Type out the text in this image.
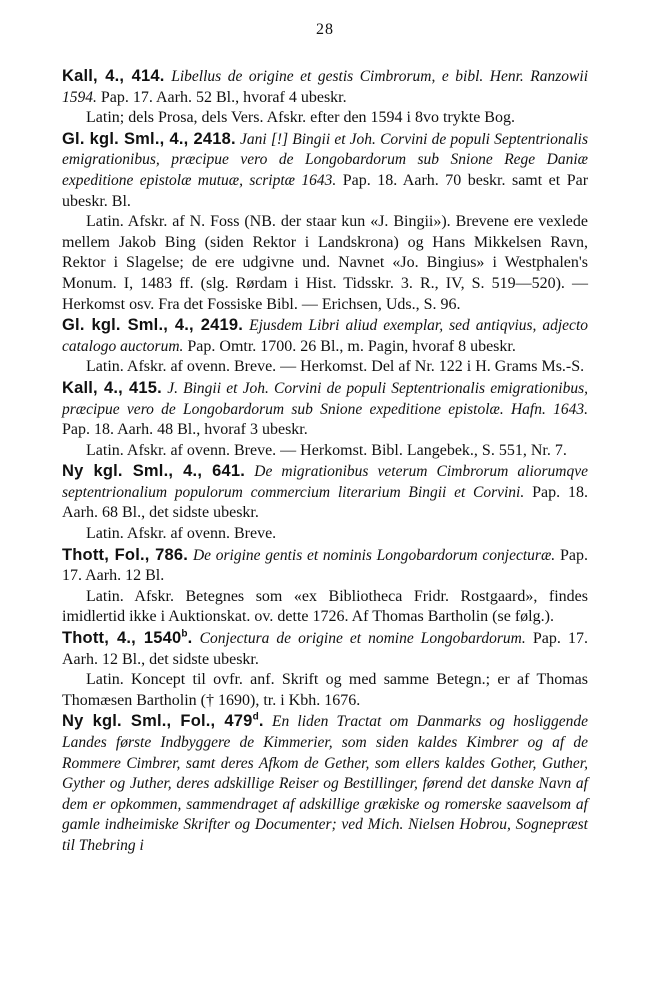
28

Kall, 4., 414. Libellus de origine et gestis Cimbrorum, e bibl. Henr. Ranzowii 1594. Pap. 17. Aarh. 52 Bl., hvoraf 4 ubeskr.

Latin; dels Prosa, dels Vers. Afskr. efter den 1594 i 8vo trykte Bog.

Gl. kgl. Sml., 4., 2418. Jani [!] Bingii et Joh. Corvini de populi Septentrionalis emigrationibus, præcipue vero de Longobardorum sub Snione Rege Daniæ expeditione epistolæ mutuæ, scriptæ 1643. Pap. 18. Aarh. 70 beskr. samt et Par ubeskr. Bl.

Latin. Afskr. af N. Foss (NB. der staar kun «J. Bingii»). Brevene ere vexlede mellem Jakob Bing (siden Rektor i Landskrona) og Hans Mikkelsen Ravn, Rektor i Slagelse; de ere udgivne und. Navnet «Jo. Bingius» i Westphalen's Monum. I, 1483 ff. (slg. Rørdam i Hist. Tidsskr. 3. R., IV, S. 519—520). — Herkomst osv. Fra det Fossiske Bibl. — Erichsen, Uds., S. 96.

Gl. kgl. Sml., 4., 2419. Ejusdem Libri aliud exemplar, sed antiqvius, adjecto catalogo auctorum. Pap. Omtr. 1700. 26 Bl., m. Pagin, hvoraf 8 ubeskr.

Latin. Afskr. af ovenn. Breve. — Herkomst. Del af Nr. 122 i H. Grams Ms.-S.

Kall, 4., 415. J. Bingii et Joh. Corvini de populi Septentrionalis emigrationibus, præcipue vero de Longobardorum sub Snione expeditione epistolæ. Hafn. 1643. Pap. 18. Aarh. 48 Bl., hvoraf 3 ubeskr.

Latin. Afskr. af ovenn. Breve. — Herkomst. Bibl. Langebek., S. 551, Nr. 7.

Ny kgl. Sml., 4., 641. De migrationibus veterum Cimbrorum aliorumqve septentrionalium populorum commercium literarium Bingii et Corvini. Pap. 18. Aarh. 68 Bl., det sidste ubeskr.

Latin. Afskr. af ovenn. Breve.

Thott, Fol., 786. De origine gentis et nominis Longobardorum conjecturæ. Pap. 17. Aarh. 12 Bl.

Latin. Afskr. Betegnes som «ex Bibliotheca Fridr. Rostgaard», findes imidlertid ikke i Auktionskat. ov. dette 1726. Af Thomas Bartholin (se følg.).

Thott, 4., 1540$^b$. Conjectura de origine et nomine Longobardorum. Pap. 17. Aarh. 12 Bl., det sidste ubeskr.

Latin. Koncept til ovfr. anf. Skrift og med samme Betegn.; er af Thomas Thomæsen Bartholin († 1690), tr. i Kbh. 1676.

Ny kgl. Sml., Fol., 479$^d$. En liden Tractat om Danmarks og hosliggende Landes første Indbyggere de Kimmerier, som siden kaldes Kimbrer og af de Rommere Cimbrer, samt deres Afkom de Gether, som ellers kaldes Gother, Guther, Gyther og Juther, deres adskillige Reiser og Bestillinger, førend det danske Navn af dem er opkommen, sammendraget af adskillige grækiske og romerske saavelsom af gamle indheimiske Skrifter og Documenter; ved Mich. Nielsen Hobrou, Sognepræst til Thebring i
